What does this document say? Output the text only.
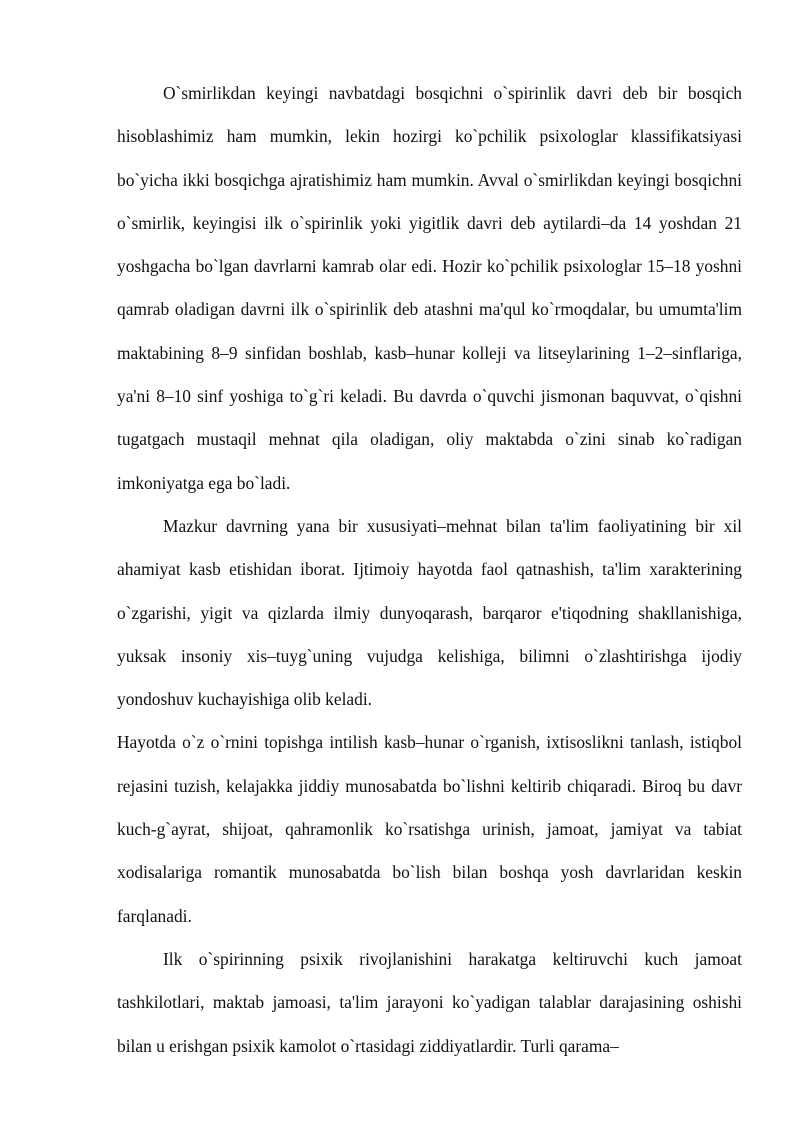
O`smirlikdan keyingi navbatdagi bosqichni o`spirinlik davri deb bir bosqich hisoblashimiz ham mumkin, lekin hozirgi ko`pchilik psixologlar klassifikatsiyasi bo`yicha ikki bosqichga ajratishimiz ham mumkin. Avval o`smirlikdan keyingi bosqichni o`smirlik, keyingisi ilk o`spirinlik yoki yigitlik davri deb aytilardi–da 14 yoshdan 21 yoshgacha bo`lgan davrlarni kamrab olar edi. Hozir ko`pchilik psixologlar 15–18 yoshni qamrab oladigan davrni ilk o`spirinlik deb atashni ma'qul ko`rmoqdalar, bu umumta'lim maktabining 8–9 sinfidan boshlab, kasb–hunar kolleji va litseylarining 1–2–sinflariga, ya'ni 8–10 sinf yoshiga to`g`ri keladi. Bu davrda o`quvchi jismonan baquvvat, o`qishni tugatgach mustaqil mehnat qila oladigan, oliy maktabda o`zini sinab ko`radigan imkoniyatga ega bo`ladi.

Mazkur davrning yana bir xususiyati–mehnat bilan ta'lim faoliyatining bir xil ahamiyat kasb etishidan iborat. Ijtimoiy hayotda faol qatnashish, ta'lim xarakterining o`zgarishi, yigit va qizlarda ilmiy dunyoqarash, barqaror e'tiqodning shakllanishiga, yuksak insoniy xis–tuyg`uning vujudga kelishiga, bilimni o`zlashtirishga ijodiy yondoshuv kuchayishiga olib keladi.

Hayotda o`z o`rnini topishga intilish kasb–hunar o`rganish, ixtisoslikni tanlash, istiqbol rejasini tuzish, kelajakka jiddiy munosabatda bo`lishni keltirib chiqaradi. Biroq bu davr kuch-g`ayrat, shijoat, qahramonlik ko`rsatishga urinish, jamoat, jamiyat va tabiat xodisalariga romantik munosabatda bo`lish bilan boshqa yosh davrlaridan keskin farqlanadi.

Ilk o`spirinning psixik rivojlanishini harakatga keltiruvchi kuch jamoat tashkilotlari, maktab jamoasi, ta'lim jarayoni ko`yadigan talablar darajasining oshishi bilan u erishgan psixik kamolot o`rtasidagi ziddiyatlardir. Turli qarama–
